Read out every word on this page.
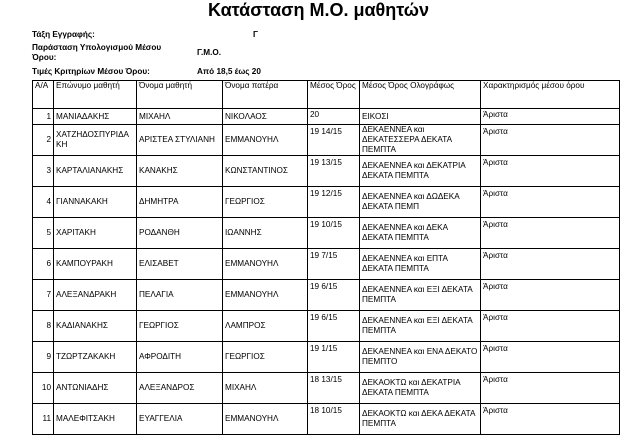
Κατάσταση Μ.Ο. μαθητών
Τάξη Εγγραφής:	Γ
Παράσταση Υπολογισμού Μέσου
Όρου:
Γ.Μ.Ο.
Τιμές Κριτηρίων Μέσου Όρου:	Από 18,5 έως 20
Α/Α	Επώνυμο μαθητή	Όνομα μαθητή	Όνομα πατέρα	Μέσος Όρος	Μέσος Όρος Ολογράφως	Χαρακτηρισμός μέσου όρου
1	ΜΑΝΙΑΔΑΚΗΣ	ΜΙΧΑΗΛ	ΝΙΚΟΛΑΟΣ	20	ΕΙΚΟΣΙ	Άριστα
2	ΧΑΤΖΗΔΟΣΠΥΡΙΔΑΚΗ	ΑΡΙΣΤΕΑ ΣΤΥΛΙΑΝΗ	ΕΜΜΑΝΟΥΗΛ	19 14/15	ΔΕΚΑΕΝΝΕΑ και ΔΕΚΑΤΕΣΣΕΡΑ ΔΕΚΑΤΑ ΠΕΜΠΤΑ	Άριστα
3	ΚΑΡΤΑΛΙΑΝΑΚΗΣ	ΚΑΝΑΚΗΣ	ΚΩΝΣΤΑΝΤΙΝΟΣ	19 13/15	ΔΕΚΑΕΝΝΕΑ και ΔΕΚΑΤΡΙΑ ΔΕΚΑΤΑ ΠΕΜΠΤΑ	Άριστα
4	ΓΙΑΝΝΑΚΑΚΗ	ΔΗΜΗΤΡΑ	ΓΕΩΡΓΙΟΣ	19 12/15	ΔΕΚΑΕΝΝΕΑ και ΔΩΔΕΚΑ ΔΕΚΑΤΑ ΠΕΜΠ	Άριστα
5	ΧΑΡΙΤΑΚΗ	ΡΟΔΑΝΘΗ	ΙΩΑΝΝΗΣ	19 10/15	ΔΕΚΑΕΝΝΕΑ και ΔΕΚΑ ΔΕΚΑΤΑ ΠΕΜΠΤΑ	Άριστα
6	ΚΑΜΠΟΥΡΑΚΗ	ΕΛΙΣΑΒΕΤ	ΕΜΜΑΝΟΥΗΛ	19 7/15	ΔΕΚΑΕΝΝΕΑ και ΕΠΤΑ ΔΕΚΑΤΑ ΠΕΜΠΤΑ	Άριστα
7	ΑΛΕΞΑΝΔΡΑΚΗ	ΠΕΛΑΓΙΑ	ΕΜΜΑΝΟΥΗΛ	19 6/15	ΔΕΚΑΕΝΝΕΑ και ΕΞΙ ΔΕΚΑΤΑ ΠΕΜΠΤΑ	Άριστα
8	ΚΑΔΙΑΝΑΚΗΣ	ΓΕΩΡΓΙΟΣ	ΛΑΜΠΡΟΣ	19 6/15	ΔΕΚΑΕΝΝΕΑ και ΕΞΙ ΔΕΚΑΤΑ ΠΕΜΠΤΑ	Άριστα
9	ΤΖΩΡΤΖΑΚΑΚΗ	ΑΦΡΟΔΙΤΗ	ΓΕΩΡΓΙΟΣ	19 1/15	ΔΕΚΑΕΝΝΕΑ και ΕΝΑ ΔΕΚΑΤΟ ΠΕΜΠΤΟ	Άριστα
10	ΑΝΤΩΝΙΑΔΗΣ	ΑΛΕΞΑΝΔΡΟΣ	ΜΙΧΑΗΛ	18 13/15	ΔΕΚΑΟΚΤΩ και ΔΕΚΑΤΡΙΑ ΔΕΚΑΤΑ ΠΕΜΠΤΑ	Άριστα
11	ΜΑΛΕΦΙΤΣΑΚΗ	ΕΥΑΓΓΕΛΙΑ	ΕΜΜΑΝΟΥΗΛ	18 10/15	ΔΕΚΑΟΚΤΩ και ΔΕΚΑ ΔΕΚΑΤΑ ΠΕΜΠΤΑ	Άριστα
